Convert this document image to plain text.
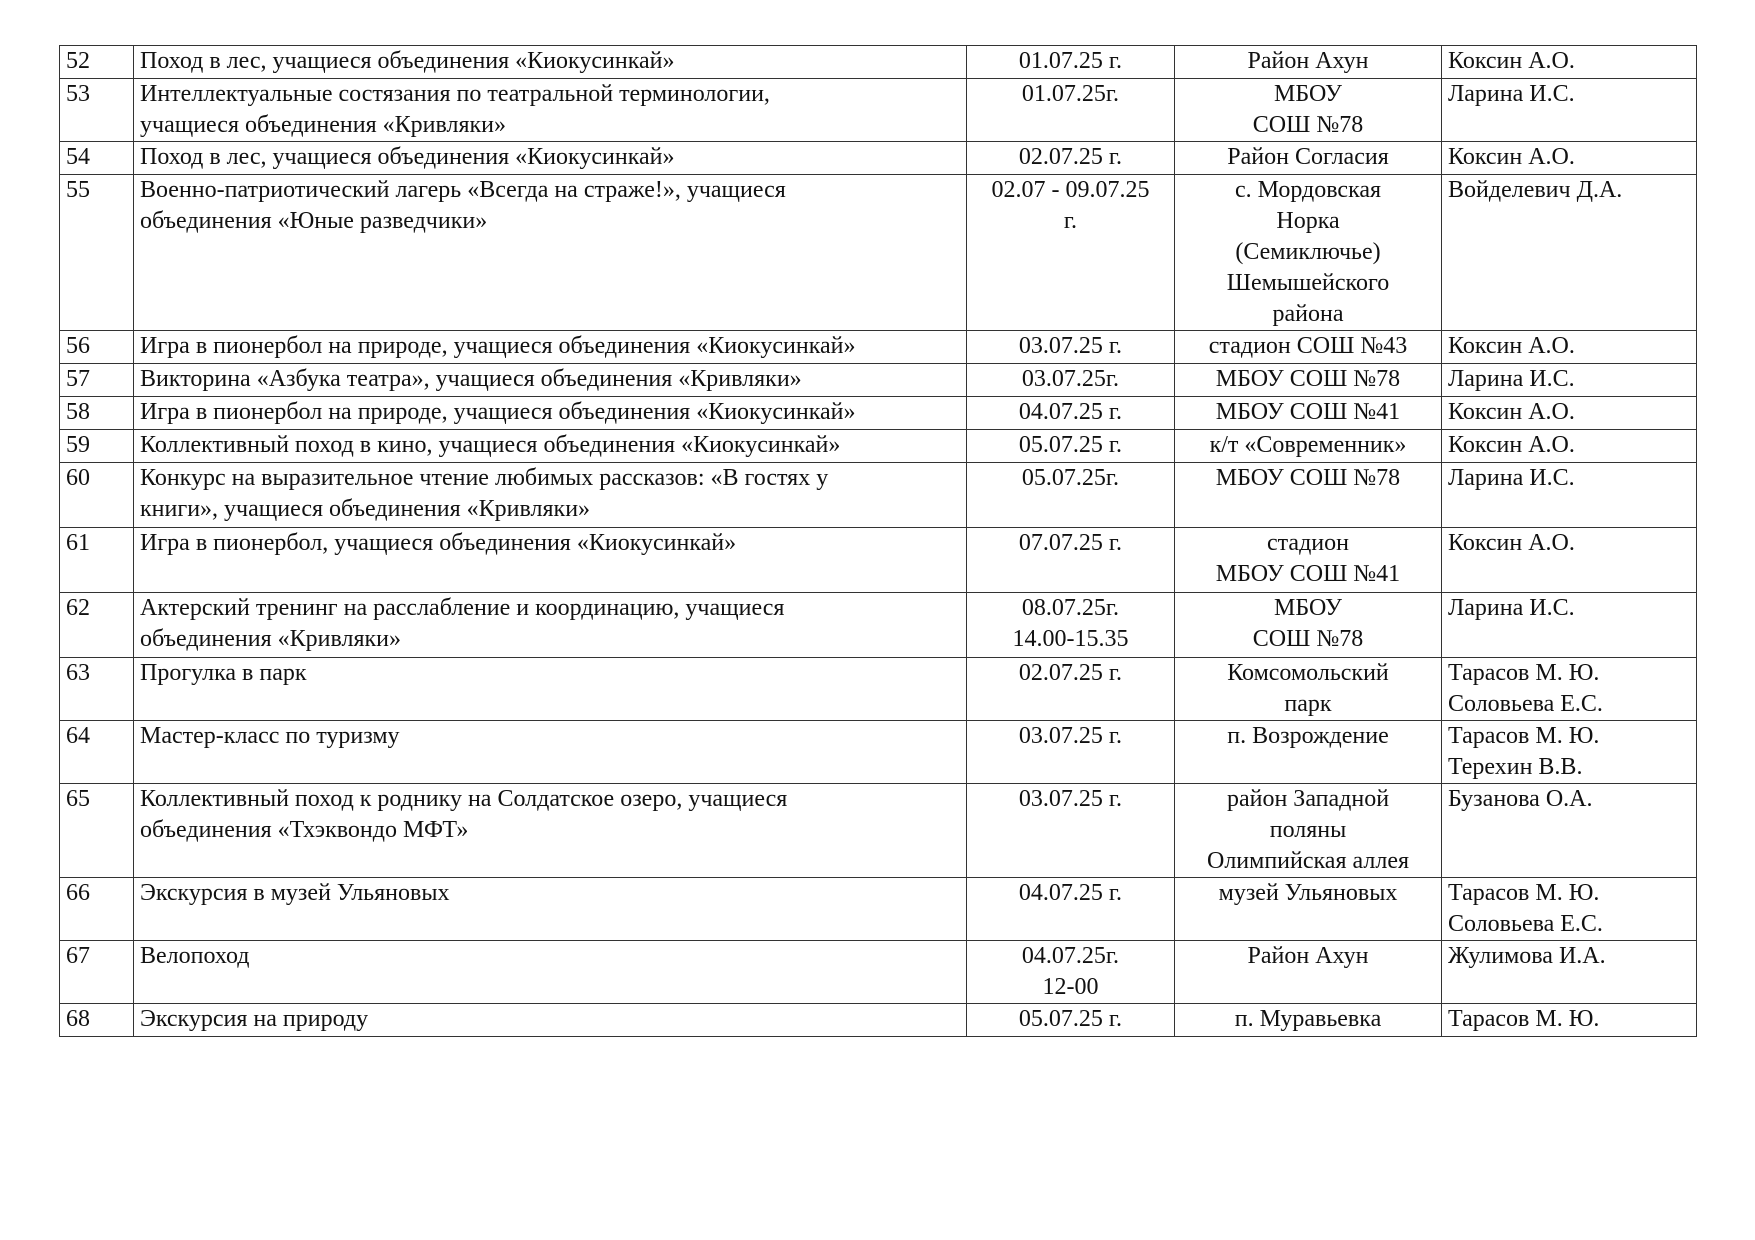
52	Поход в лес, учащиеся объединения «Киокусинкай»	01.07.25 г.	Район Ахун	Коксин А.О.

53	Интеллектуальные состязания по театральной терминологии,
учащиеся объединения «Кривляки»	01.07.25г.	МБОУ
СОШ №78	Ларина И.С.

54	Поход в лес, учащиеся объединения «Киокусинкай»	02.07.25 г.	Район Согласия	Коксин А.О.

55	Военно-патриотический лагерь «Всегда на страже!», учащиеся
объединения «Юные разведчики»	02.07 - 09.07.25
г.	с. Мордовская
Норка
(Семиключье)
Шемышейского
района	Войделевич Д.А.

56	Игра в пионербол на природе, учащиеся объединения «Киокусинкай»	03.07.25 г.	стадион СОШ №43	Коксин А.О.

57	Викторина «Азбука театра», учащиеся объединения «Кривляки»	03.07.25г.	МБОУ СОШ №78	Ларина И.С.

58	Игра в пионербол на природе, учащиеся объединения «Киокусинкай»	04.07.25 г.	МБОУ СОШ №41	Коксин А.О.

59	Коллективный поход в кино, учащиеся объединения «Киокусинкай»	05.07.25 г.	к/т «Современник»	Коксин А.О.

60	Конкурс на выразительное чтение любимых рассказов: «В гостях у
книги», учащиеся объединения «Кривляки»	05.07.25г.	МБОУ СОШ №78	Ларина И.С.

61	Игра в пионербол, учащиеся объединения «Киокусинкай»	07.07.25 г.	стадион
МБОУ СОШ №41	Коксин А.О.

62	Актерский тренинг на расслабление и координацию, учащиеся
объединения «Кривляки»	08.07.25г.
14.00-15.35	МБОУ
СОШ №78	Ларина И.С.

63	Прогулка в парк	02.07.25 г.	Комсомольский
парк	Тарасов М. Ю.
Соловьева Е.С.

64	Мастер-класс по туризму	03.07.25 г.	п. Возрождение	Тарасов М. Ю.
Терехин В.В.

65	Коллективный поход к роднику на Солдатское озеро, учащиеся
объединения «Тхэквондо МФТ»	03.07.25 г.	район Западной
поляны
Олимпийская аллея	Бузанова О.А.

66	Экскурсия в музей Ульяновых	04.07.25 г.	музей Ульяновых	Тарасов М. Ю.
Соловьева Е.С.

67	Велопоход	04.07.25г.
12-00	Район Ахун	Жулимова И.А.

68	Экскурсия на природу	05.07.25 г.	п. Муравьевка	Тарасов М. Ю.
